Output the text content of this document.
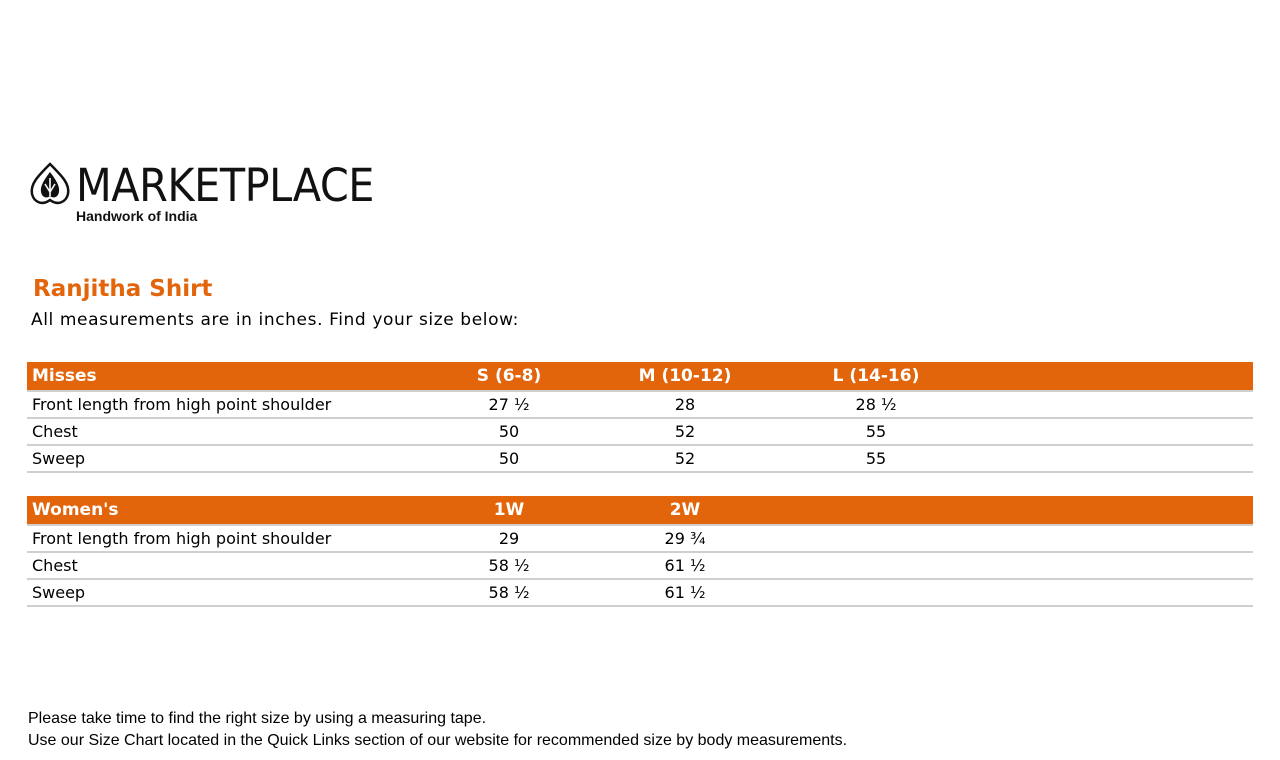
MARKETPLACE
Handwork of India
Ranjitha Shirt
All measurements are in inches. Find your size below:
Misses	S (6-8)	M (10-12)	L (14-16)
Front length from high point shoulder	27 ½	28	28 ½
Chest	50	52	55
Sweep	50	52	55
Women's	1W	2W
Front length from high point shoulder	29	29 ¾
Chest	58 ½	61 ½
Sweep	58 ½	61 ½
Please take time to find the right size by using a measuring tape.
Use our Size Chart located in the Quick Links section of our website for recommended size by body measurements.
